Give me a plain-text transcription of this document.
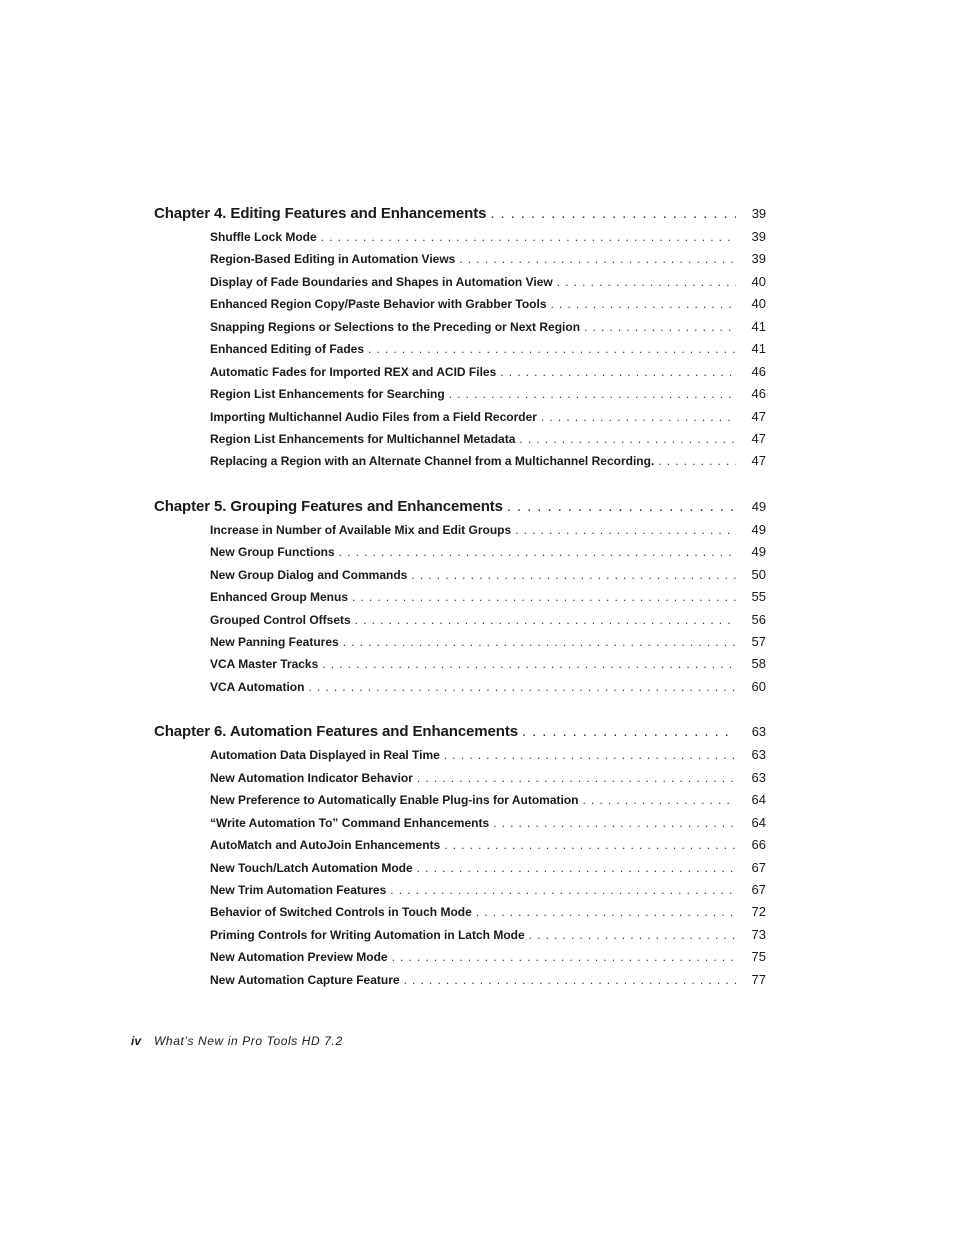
Chapter 4. Editing Features and Enhancements . . .	39
Shuffle Lock Mode . . .	39
Region-Based Editing in Automation Views . . .	39
Display of Fade Boundaries and Shapes in Automation View . . .	40
Enhanced Region Copy/Paste Behavior with Grabber Tools . . .	40
Snapping Regions or Selections to the Preceding or Next Region . . .	41
Enhanced Editing of Fades . . .	41
Automatic Fades for Imported REX and ACID Files . . .	46
Region List Enhancements for Searching . . .	46
Importing Multichannel Audio Files from a Field Recorder . . .	47
Region List Enhancements for Multichannel Metadata . . .	47
Replacing a Region with an Alternate Channel from a Multichannel Recording. . . .	47
Chapter 5. Grouping Features and Enhancements . . .	49
Increase in Number of Available Mix and Edit Groups . . .	49
New Group Functions . . .	49
New Group Dialog and Commands . . .	50
Enhanced Group Menus . . .	55
Grouped Control Offsets . . .	56
New Panning Features . . .	57
VCA Master Tracks . . .	58
VCA Automation . . .	60
Chapter 6. Automation Features and Enhancements . . .	63
Automation Data Displayed in Real Time . . .	63
New Automation Indicator Behavior . . .	63
New Preference to Automatically Enable Plug-ins for Automation . . .	64
“Write Automation To” Command Enhancements . . .	64
AutoMatch and AutoJoin Enhancements . . .	66
New Touch/Latch Automation Mode . . .	67
New Trim Automation Features . . .	67
Behavior of Switched Controls in Touch Mode . . .	72
Priming Controls for Writing Automation in Latch Mode . . .	73
New Automation Preview Mode . . .	75
New Automation Capture Feature . . .	77
iv	What’s New in Pro Tools HD 7.2
